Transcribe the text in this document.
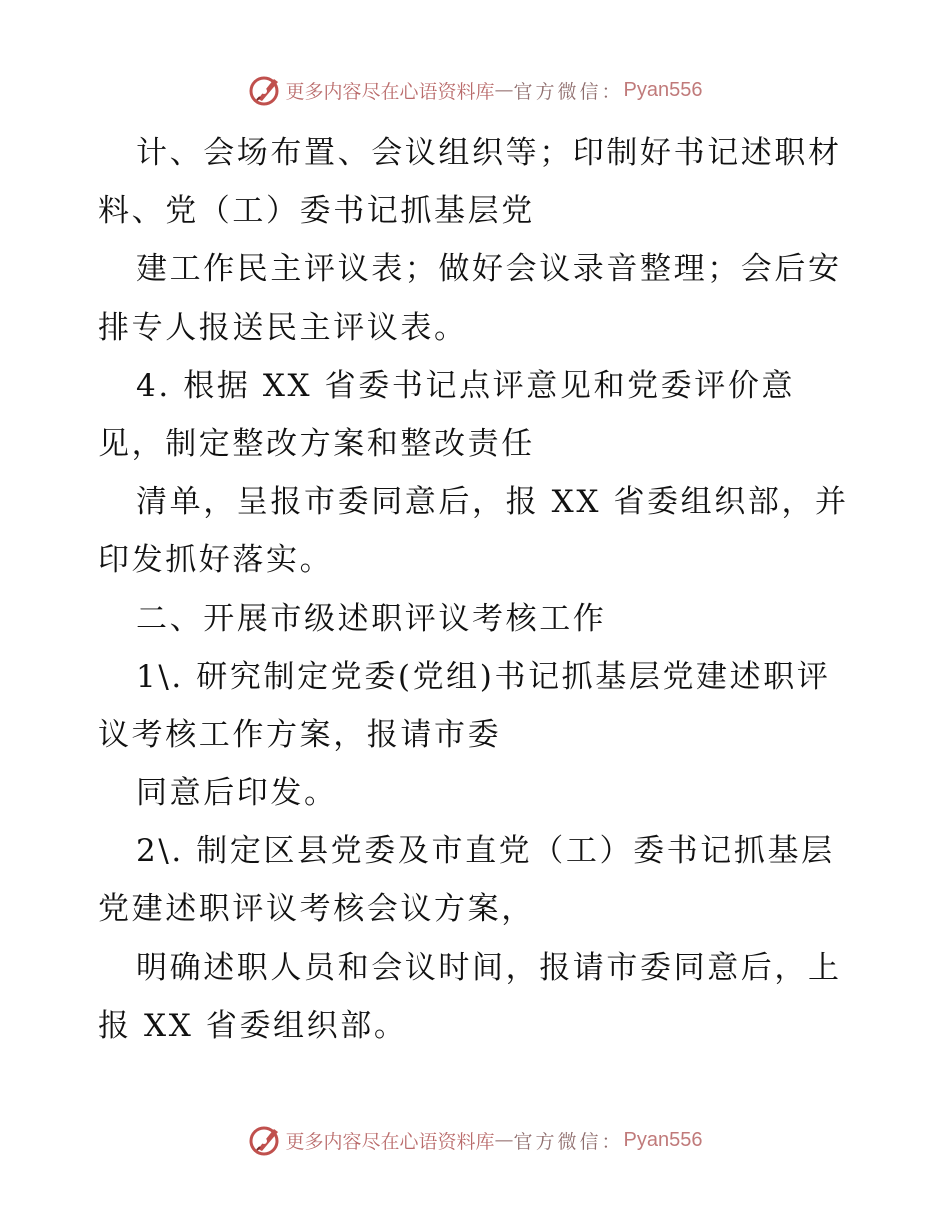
更多内容尽在心语资料库 — 官方微信： Pyan556
计、会场布置、会议组织等；印制好书记述职材
料、党（工）委书记抓基层党
建工作民主评议表；做好会议录音整理；会后安
排专人报送民主评议表。
4. 根据 XX 省委书记点评意见和党委评价意
见，制定整改方案和整改责任
清单，呈报市委同意后，报 XX 省委组织部，并
印发抓好落实。
二、开展市级述职评议考核工作
1\. 研究制定党委(党组)书记抓基层党建述职评
议考核工作方案，报请市委
同意后印发。
2\. 制定区县党委及市直党（工）委书记抓基层
党建述职评议考核会议方案，
明确述职人员和会议时间，报请市委同意后，上
报 XX 省委组织部。
更多内容尽在心语资料库 — 官方微信： Pyan556
